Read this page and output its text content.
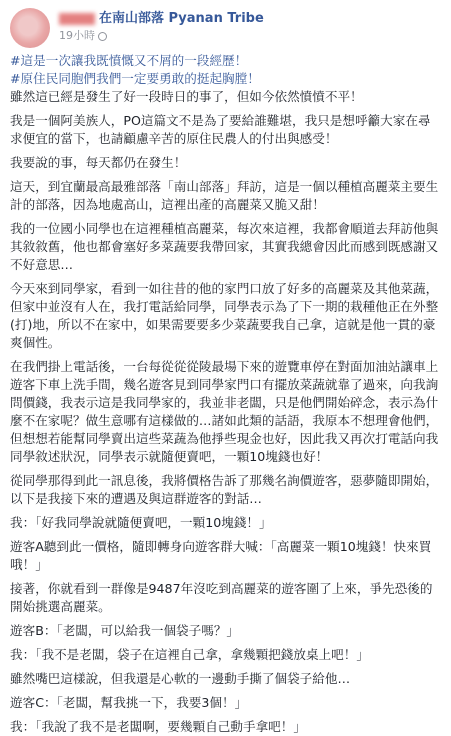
在南山部落 Pyanan Tribe
19小時

#這是一次讓我既憤慨又不屑的一段經歷！
#原住民同胞們我們一定要勇敢的挺起胸膛！
雖然這已經是發生了好一段時日的事了，但如今依然憤憤不平！

我是一個阿美族人，PO這篇文不是為了要給誰難堪，我只是想呼籲大家在尋求便宜的當下，也請顧慮辛苦的原住民農人的付出與感受！

我要說的事，每天都仍在發生！

這天，到宜蘭最高最雅部落「南山部落」拜訪，這是一個以種植高麗菜主要生計的部落，因為地處高山，這裡出產的高麗菜又脆又甜！

我的一位國小同學也在這裡種植高麗菜，每次來這裡，我都會順道去拜訪他與其敘敘舊，他也都會塞好多菜蔬要我帶回家，其實我總會因此而感到既感謝又不好意思…

今天來到同學家，看到一如往昔的他的家門口放了好多的高麗菜及其他菜蔬，但家中並沒有人在，我打電話給同學，同學表示為了下一期的栽種他正在外整(打)地，所以不在家中，如果需要要多少菜蔬要我自己拿，這就是他一貫的豪爽個性。

在我們掛上電話後，一台每從從從陵最場下來的遊覽車停在對面加油站讓車上遊客下車上洗手間，幾名遊客見到同學家門口有擺放菜蔬就靠了過來，向我詢問價錢，我表示這是我同學家的，我並非老闆，只是他們開始碎念，表示為什麼不在家呢？做生意哪有這樣做的…諸如此類的話語，我原本不想理會他們，但想想若能幫同學賣出這些菜蔬為他掙些現金也好，因此我又再次打電話向我同學敘述狀況，同學表示就隨便賣吧，一顆10塊錢也好！

從同學那得到此一訊息後，我將價格告訴了那幾名詢價遊客，惡夢隨即開始，以下是我接下來的遭遇及與這群遊客的對話…

我：「好我同學說就隨便賣吧，一顆10塊錢！」

遊客A聽到此一價格，隨即轉身向遊客群大喊：「高麗菜一顆10塊錢！快來買哦！」

接著，你就看到一群像是9487年沒吃到高麗菜的遊客圍了上來，爭先恐後的開始挑選高麗菜。

遊客B：「老闆，可以給我一個袋子嗎？」

我：「我不是老闆，袋子在這裡自己拿，拿幾顆把錢放桌上吧！」

雖然嘴巴這樣說，但我還是心軟的一邊動手撕了個袋子給他…

遊客C：「老闆，幫我挑一下，我要3個！」

我：「我說了我不是老闆啊，要幾顆自己動手拿吧！」
